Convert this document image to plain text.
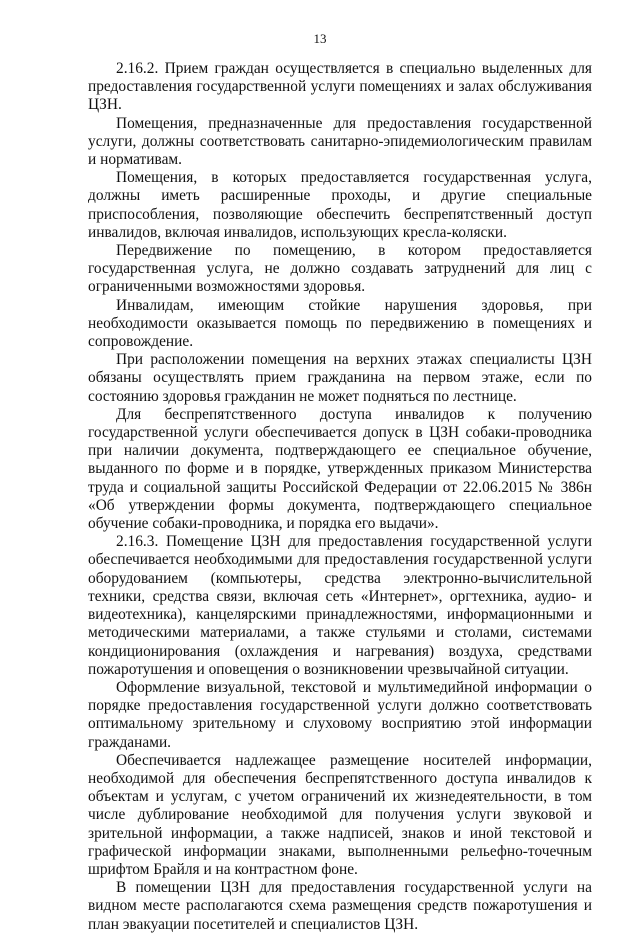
13

2.16.2. Прием граждан осуществляется в специально выделенных для предоставления государственной услуги помещениях и залах обслуживания ЦЗН.

Помещения, предназначенные для предоставления государственной услуги, должны соответствовать санитарно-эпидемиологическим правилам и нормативам.

Помещения, в которых предоставляется государственная услуга, должны иметь расширенные проходы, и другие специальные приспособления, позволяющие обеспечить беспрепятственный доступ инвалидов, включая инвалидов, использующих кресла-коляски.

Передвижение по помещению, в котором предоставляется государственная услуга, не должно создавать затруднений для лиц с ограниченными возможностями здоровья.

Инвалидам, имеющим стойкие нарушения здоровья, при необходимости оказывается помощь по передвижению в помещениях и сопровождение.

При расположении помещения на верхних этажах специалисты ЦЗН обязаны осуществлять прием гражданина на первом этаже, если по состоянию здоровья гражданин не может подняться по лестнице.

Для беспрепятственного доступа инвалидов к получению государственной услуги обеспечивается допуск в ЦЗН собаки-проводника при наличии документа, подтверждающего ее специальное обучение, выданного по форме и в порядке, утвержденных приказом Министерства труда и социальной защиты Российской Федерации от 22.06.2015 № 386н «Об утверждении формы документа, подтверждающего специальное обучение собаки-проводника, и порядка его выдачи».

2.16.3. Помещение ЦЗН для предоставления государственной услуги обеспечивается необходимыми для предоставления государственной услуги оборудованием (компьютеры, средства электронно-вычислительной техники, средства связи, включая сеть «Интернет», оргтехника, аудио- и видеотехника), канцелярскими принадлежностями, информационными и методическими материалами, а также стульями и столами, системами кондиционирования (охлаждения и нагревания) воздуха, средствами пожаротушения и оповещения о возникновении чрезвычайной ситуации.

Оформление визуальной, текстовой и мультимедийной информации о порядке предоставления государственной услуги должно соответствовать оптимальному зрительному и слуховому восприятию этой информации гражданами.

Обеспечивается надлежащее размещение носителей информации, необходимой для обеспечения беспрепятственного доступа инвалидов к объектам и услугам, с учетом ограничений их жизнедеятельности, в том числе дублирование необходимой для получения услуги звуковой и зрительной информации, а также надписей, знаков и иной текстовой и графической информации знаками, выполненными рельефно-точечным шрифтом Брайля и на контрастном фоне.

В помещении ЦЗН для предоставления государственной услуги на видном месте располагаются схема размещения средств пожаротушения и план эвакуации посетителей и специалистов ЦЗН.
